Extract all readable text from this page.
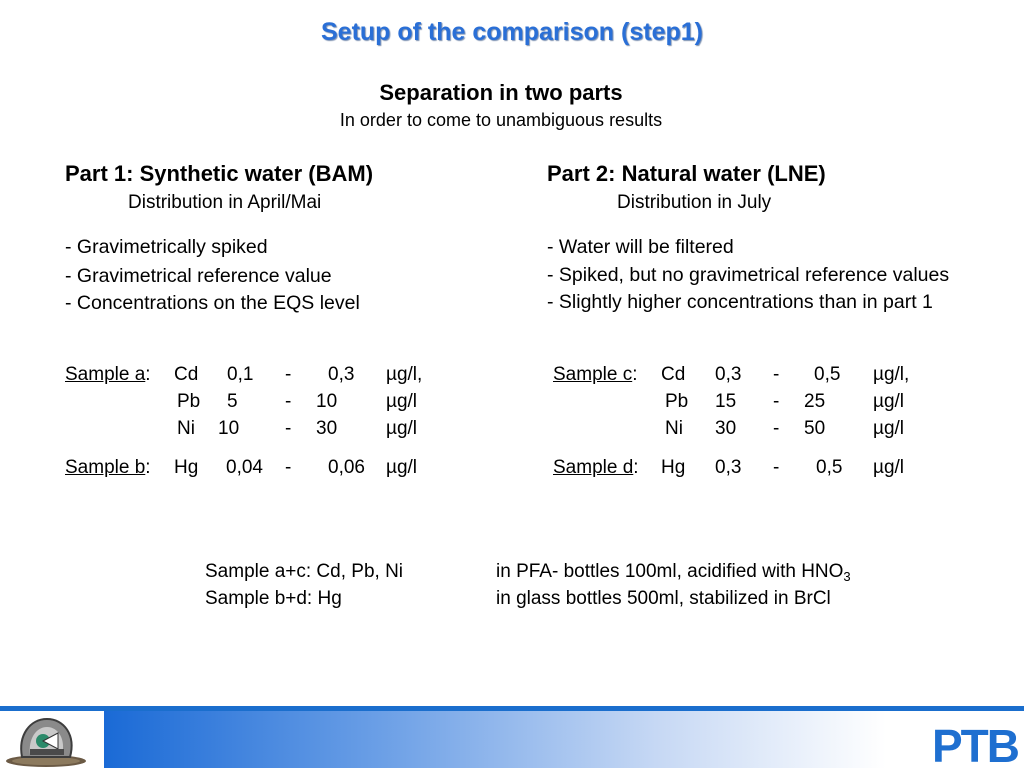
Setup of the comparison (step1)
Separation in two parts
In order to come to unambiguous results
Part 1: Synthetic water (BAM)
Distribution in April/Mai
- Gravimetrically spiked
- Gravimetrical reference value
- Concentrations on the EQS level
Sample a: Cd 0,1 - 0,3 µg/l,
Pb 5 - 10	µg/l
Ni 10 - 30	µg/l
Sample b: Hg 0,04 - 0,06 µg/l
Part 2: Natural water (LNE)
Distribution in July
- Water will be filtered
- Spiked, but no gravimetrical reference values
- Slightly higher concentrations than in part 1
Sample c: Cd 0,3 - 0,5 µg/l,
Pb 15 - 25	µg/l
Ni 30 - 50	µg/l
Sample d: Hg 0,3 - 0,5 µg/l
Sample a+c: Cd, Pb, Ni	in PFA- bottles 100ml, acidified with $HNO_3$
Sample b+d: Hg	in glass bottles 500ml, stabilized in BrCl
PTB
